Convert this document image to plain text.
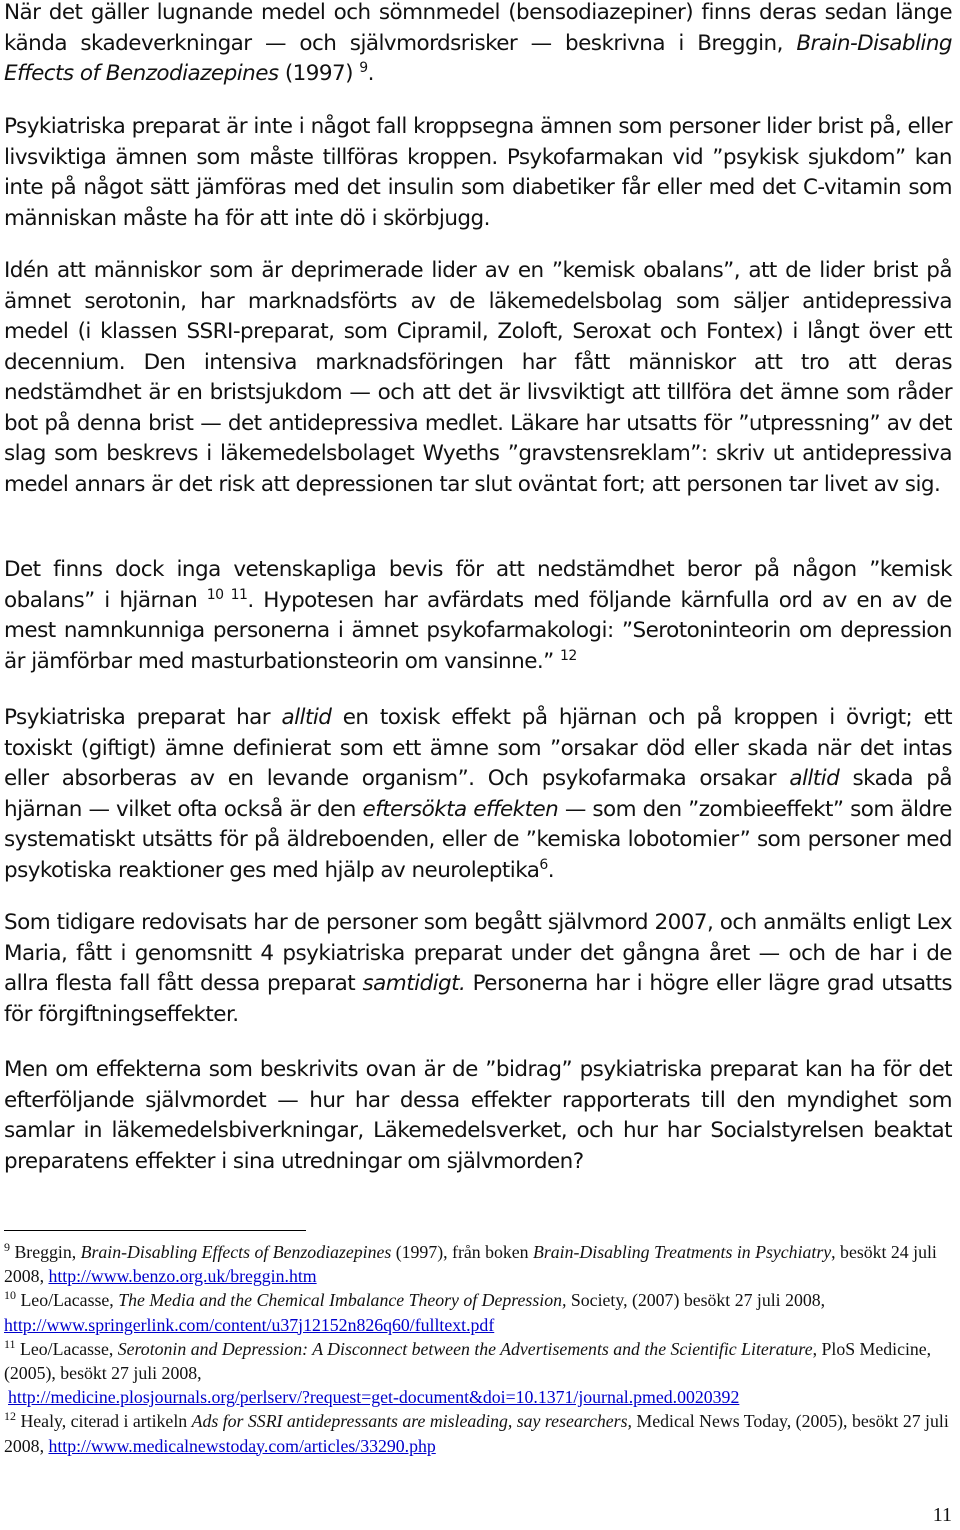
När det gäller lugnande medel och sömnmedel (bensodiazepiner) finns deras sedan länge kända skadeverkningar — och självmordsrisker — beskrivna i Breggin, Brain-Disabling Effects of Benzodiazepines (1997) $^9$.

Psykiatriska preparat är inte i något fall kroppsegna ämnen som personer lider brist på, eller livsviktiga ämnen som måste tillföras kroppen. Psykofarmakan vid ”psykisk sjukdom” kan inte på något sätt jämföras med det insulin som diabetiker får eller med det C-vitamin som människan måste ha för att inte dö i skörbjugg.

Idén att människor som är deprimerade lider av en ”kemisk obalans”, att de lider brist på ämnet serotonin, har marknadsförts av de läkemedelsbolag som säljer antidepressiva medel (i klassen SSRI-preparat, som Cipramil, Zoloft, Seroxat och Fontex) i långt över ett decennium. Den intensiva marknadsföringen har fått människor att tro att deras nedstämdhet är en bristsjukdom — och att det är livsviktigt att tillföra det ämne som råder bot på denna brist — det antidepressiva medlet. Läkare har utsatts för ”utpressning” av det slag som beskrevs i läkemedelsbolaget Wyeths ”gravstensreklam”: skriv ut antidepressiva medel annars är det risk att depressionen tar slut oväntat fort; att personen tar livet av sig.

Det finns dock inga vetenskapliga bevis för att nedstämdhet beror på någon ”kemisk obalans” i hjärnan $^{10 11}$. Hypotesen har avfärdats med följande kärnfulla ord av en av de mest namnkunniga personerna i ämnet psykofarmakologi: ”Serotoninteorin om depression är jämförbar med masturbationsteorin om vansinne.” $^{12}$

Psykiatriska preparat har alltid en toxisk effekt på hjärnan och på kroppen i övrigt; ett toxiskt (giftigt) ämne definierat som ett ämne som ”orsakar död eller skada när det intas eller absorberas av en levande organism”. Och psykofarmaka orsakar alltid skada på hjärnan — vilket ofta också är den eftersökta effekten — som den ”zombieeffekt” som äldre systematiskt utsätts för på äldreboenden, eller de ”kemiska lobotomier” som personer med psykotiska reaktioner ges med hjälp av neuroleptika$^6$.

Som tidigare redovisats har de personer som begått självmord 2007, och anmälts enligt Lex Maria, fått i genomsnitt 4 psykiatriska preparat under det gångna året — och de har i de allra flesta fall fått dessa preparat samtidigt. Personerna har i högre eller lägre grad utsatts för förgiftningseffekter.

Men om effekterna som beskrivits ovan är de ”bidrag” psykiatriska preparat kan ha för det efterföljande självmordet — hur har dessa effekter rapporterats till den myndighet som samlar in läkemedelsbiverkningar, Läkemedelsverket, och hur har Socialstyrelsen beaktat preparatens effekter i sina utredningar om självmorden?

$^9$ Breggin, Brain-Disabling Effects of Benzodiazepines (1997), från boken Brain-Disabling Treatments in Psychiatry, besökt 24 juli 2008, http://www.benzo.org.uk/breggin.htm

$^{10}$ Leo/Lacasse, The Media and the Chemical Imbalance Theory of Depression, Society, (2007) besökt 27 juli 2008, http://www.springerlink.com/content/u37j12152n826q60/fulltext.pdf

$^{11}$ Leo/Lacasse, Serotonin and Depression: A Disconnect between the Advertisements and the Scientific Literature, PloS Medicine, (2005), besökt 27 juli 2008,
http://medicine.plosjournals.org/perlserv/?request=get-document&doi=10.1371/journal.pmed.0020392

$^{12}$ Healy, citerad i artikeln Ads for SSRI antidepressants are misleading, say researchers, Medical News Today, (2005), besökt 27 juli 2008, http://www.medicalnewstoday.com/articles/33290.php

11
